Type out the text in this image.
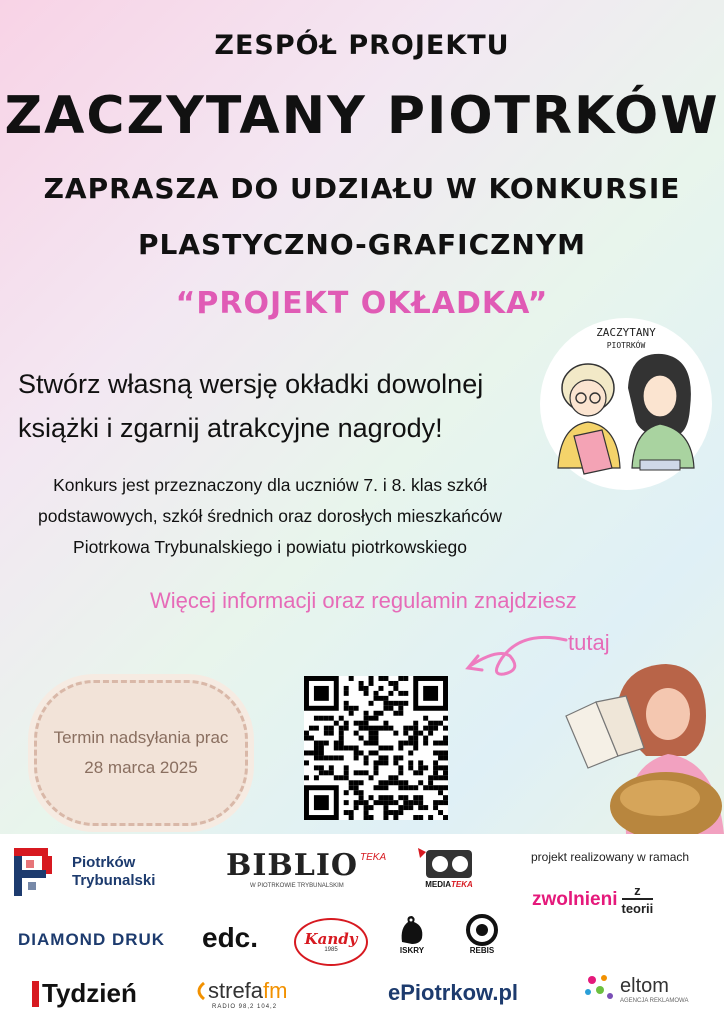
ZESPÓŁ PROJEKTU
ZACZYTANY PIOTRKÓW
ZAPRASZA DO UDZIAŁU W KONKURSIE
PLASTYCZNO-GRAFICZNYM
“PROJEKT OKŁADKA”
ZACZYTANY
PIOTRKÓW
Stwórz własną wersję okładki dowolnej
książki i zgarnij atrakcyjne nagrody!
Konkurs jest przeznaczony dla uczniów 7. i 8. klas szkół
podstawowych, szkół średnich oraz dorosłych mieszkańców
Piotrkowa Trybunalskiego i powiatu piotrkowskiego
Więcej informacji oraz regulamin znajdziesz
tutaj
Termin nadsyłania prac
28 marca 2025
Piotrków
Trybunalski BIBLIO TEKA
W PIOTRKOWIE TRYBUNALSKIM	MEDIATEKA
projekt realizowany w ramach
zwolnieni z
teorii
DIAMOND DRUK edc.	Kandy
1985	ISKRY	REBIS
Tydzień	strefa fm
RADIO 98,2 104,2
e Piotrkow.pl	eltom
AGENCJA REKLAMOWA
